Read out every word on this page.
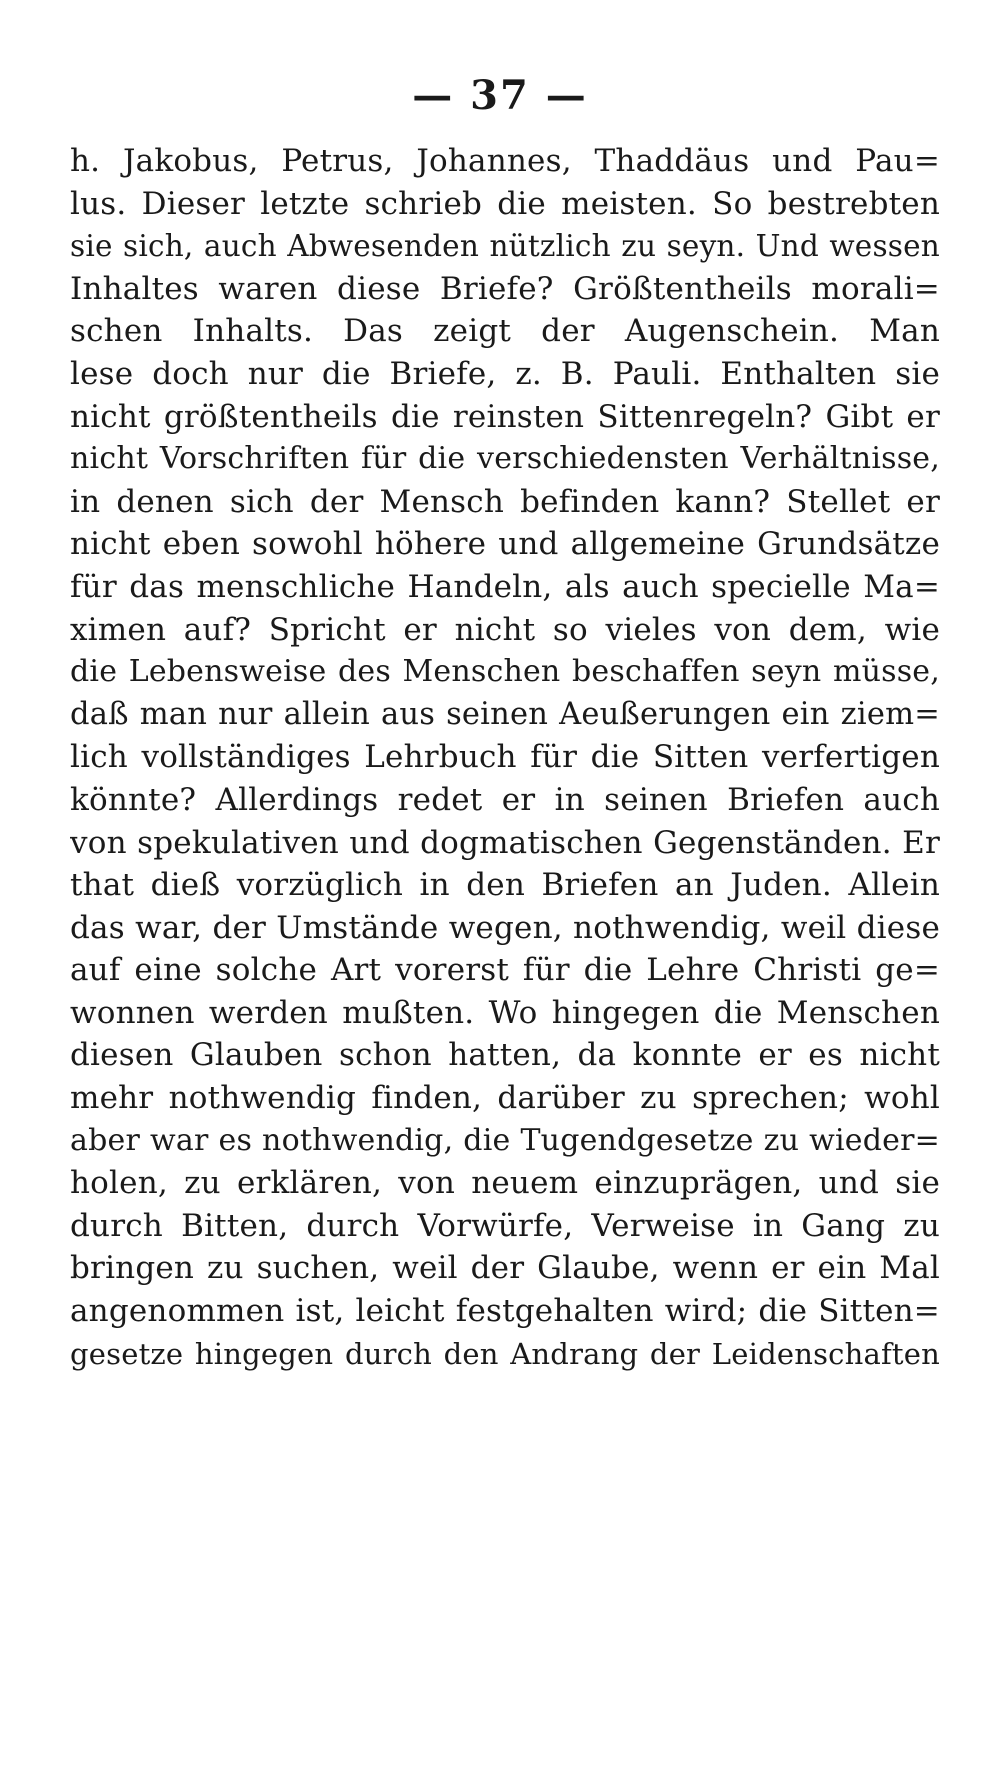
— 37 —
h. Jakobus, Petrus, Johannes, Thaddäus und Pau=
lus. Dieser letzte schrieb die meisten. So bestrebten
sie sich, auch Abwesenden nützlich zu seyn. Und wessen
Inhaltes waren diese Briefe? Größtentheils morali=
schen Inhalts. Das zeigt der Augenschein. Man
lese doch nur die Briefe, z. B. Pauli. Enthalten sie
nicht größtentheils die reinsten Sittenregeln? Gibt er
nicht Vorschriften für die verschiedensten Verhältnisse,
in denen sich der Mensch befinden kann? Stellet er
nicht eben sowohl höhere und allgemeine Grundsätze
für das menschliche Handeln, als auch specielle Ma=
ximen auf? Spricht er nicht so vieles von dem, wie
die Lebensweise des Menschen beschaffen seyn müsse,
daß man nur allein aus seinen Aeußerungen ein ziem=
lich vollständiges Lehrbuch für die Sitten verfertigen
könnte? Allerdings redet er in seinen Briefen auch
von spekulativen und dogmatischen Gegenständen. Er
that dieß vorzüglich in den Briefen an Juden. Allein
das war, der Umstände wegen, nothwendig, weil diese
auf eine solche Art vorerst für die Lehre Christi ge=
wonnen werden mußten. Wo hingegen die Menschen
diesen Glauben schon hatten, da konnte er es nicht
mehr nothwendig finden, darüber zu sprechen; wohl
aber war es nothwendig, die Tugendgesetze zu wieder=
holen, zu erklären, von neuem einzuprägen, und sie
durch Bitten, durch Vorwürfe, Verweise in Gang zu
bringen zu suchen, weil der Glaube, wenn er ein Mal
angenommen ist, leicht festgehalten wird; die Sitten=
gesetze hingegen durch den Andrang der Leidenschaften
